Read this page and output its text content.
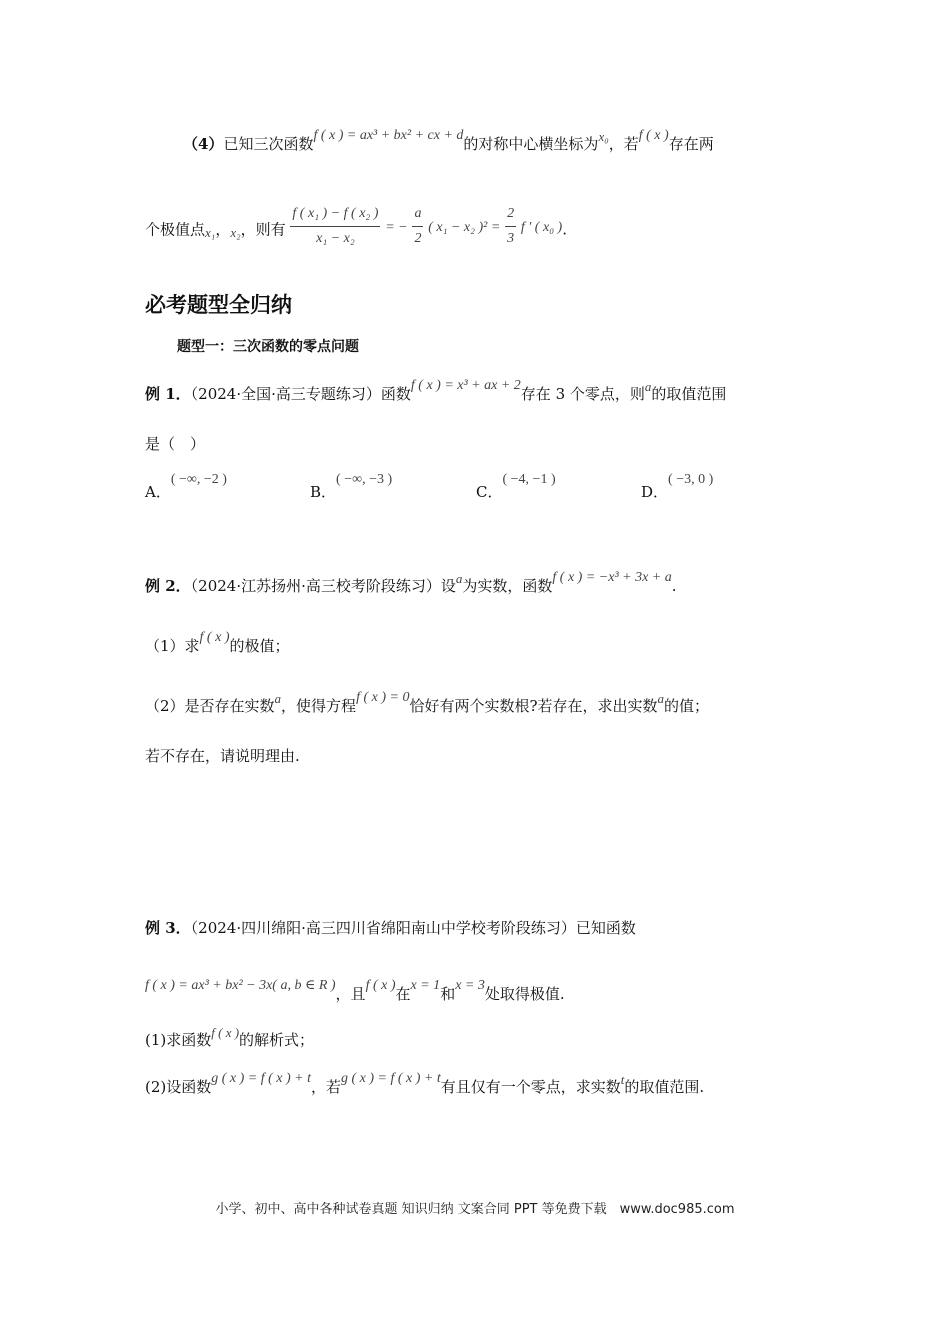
（4）已知三次函数f ( x ) = ax³ + bx² + cx + d的对称中心横坐标为x₀，若f ( x )存在两
个极值点x₁，x₂，则有 $\frac{\text{f ( x₁ ) − f ( x₂ )}}{\text{x₁ − x₂}}$ = − $\frac{a}{2}$ ( x₁ − x₂ )$^2 = \frac{2}{3}$ f ′ ( x₀ ).
必考题型全归纳
题型一：三次函数的零点问题
例 1．（2024·全国·高三专题练习）函数f ( x ) = x³ + ax + 2存在 3 个零点，则a的取值范围
是（　）
A．( −∞, −2 )
B．( −∞, −3 )
C．( −4, −1 )
D．( −3, 0 )
例 2．（2024·江苏扬州·高三校考阶段练习）设a为实数，函数f ( x ) = −x³ + 3x + a.
（1）求f ( x )的极值；
（2）是否存在实数a，使得方程f ( x ) = 0恰好有两个实数根?若存在，求出实数a的值；
若不存在，请说明理由.
例 3．（2024·四川绵阳·高三四川省绵阳南山中学校考阶段练习）已知函数
f ( x ) = ax³ + bx² − 3x( a, b ∈ R )，且f ( x )在x = 1和x = 3处取得极值.
(1)求函数f ( x )的解析式；
(2)设函数g ( x ) = f ( x ) + t，若g ( x ) = f ( x ) + t有且仅有一个零点，求实数t的取值范围.
小学、初中、高中各种试卷真题 知识归纳 文案合同 PPT 等免费下载　www.doc985.com
